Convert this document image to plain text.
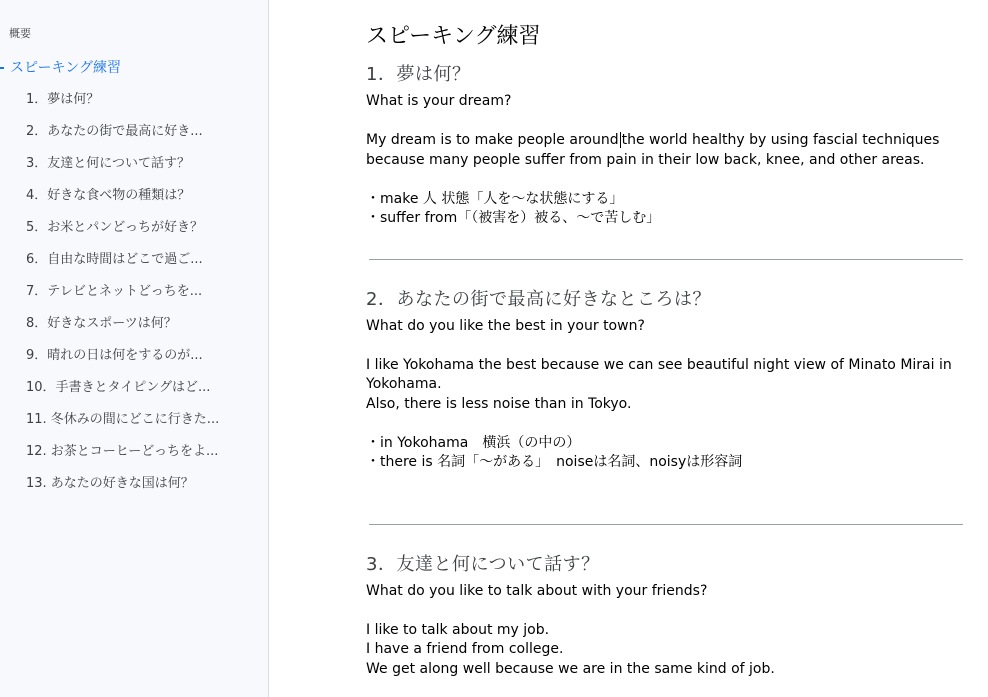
概要
スピーキング練習
1．夢は何？
2．あなたの街で最高に好き...
3．友達と何について話す？
4．好きな食べ物の種類は？
5．お米とパンどっちが好き？
6．自由な時間はどこで過ご...
7．テレビとネットどっちを...
8．好きなスポーツは何？
9．晴れの日は何をするのが...
10．手書きとタイピングはど...
11. 冬休みの間にどこに行きた...
12. お茶とコーヒーどっちをよ...
13. あなたの好きな国は何？
スピーキング練習
1．夢は何？

What is your dream?

My dream is to make people around the world healthy by using fascial techniques because many people suffer from pain in their low back, knee, and other areas.

・make 人 状態「人を〜な状態にする」

・suffer from「（被害を）被る、〜で苦しむ」

2．あなたの街で最高に好きなところは？

What do you like the best in your town?

I like Yokohama the best because we can see beautiful night view of Minato Mirai in Yokohama.

Also, there is less noise than in Tokyo.

・in Yokohama　横浜（の中の）

・there is 名詞「〜がある」　noiseは名詞、noisyは形容詞

3．友達と何について話す？

What do you like to talk about with your friends?

I like to talk about my job.

I have a friend from college.

We get along well because we are in the same kind of job.
